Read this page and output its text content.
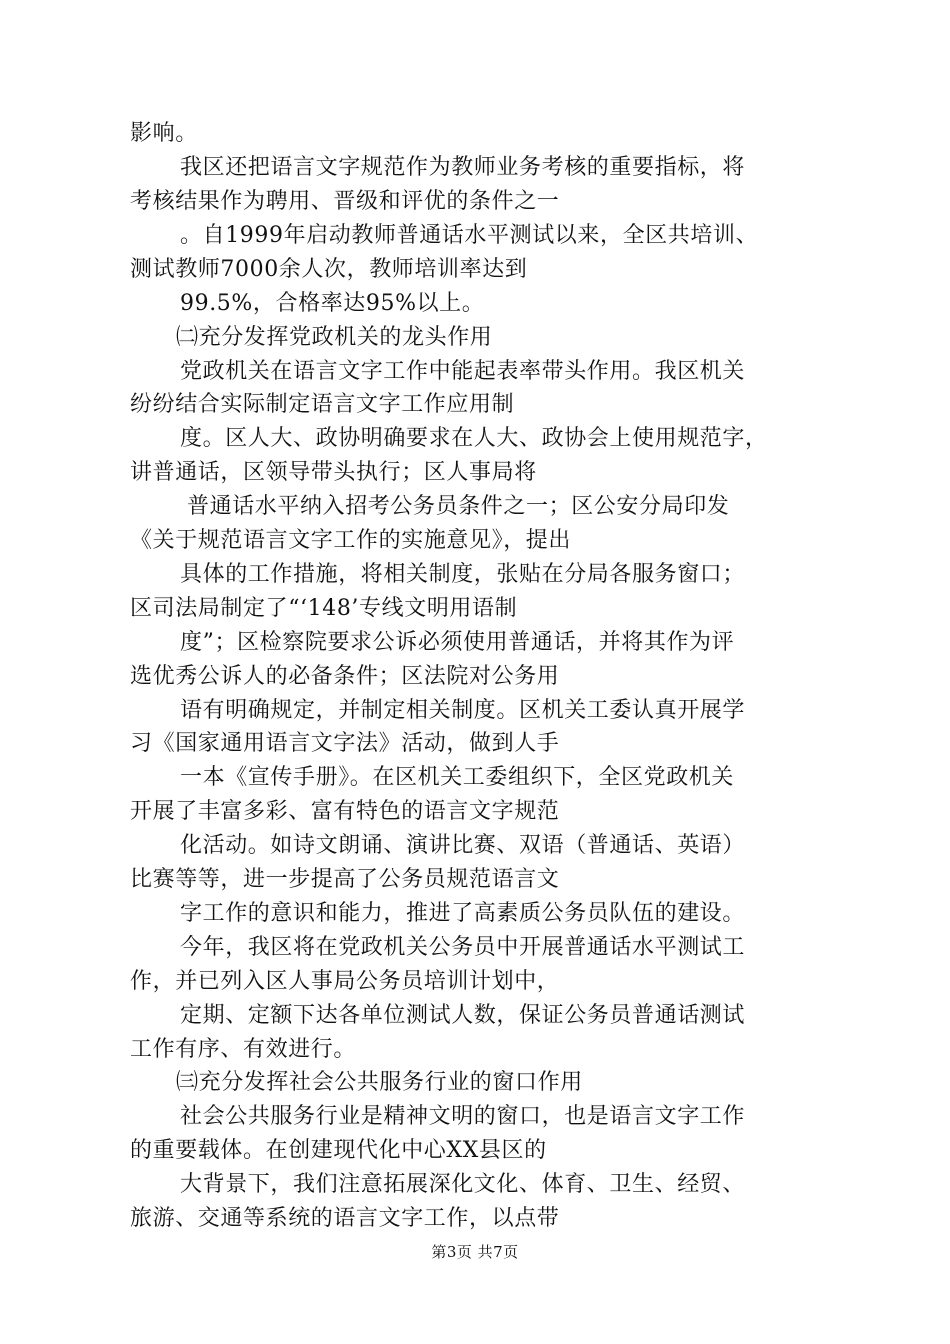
影响。
我区还把语言文字规范作为教师业务考核的重要指标，将
考核结果作为聘用、晋级和评优的条件之一
。自1999年启动教师普通话水平测试以来，全区共培训、
测试教师7000余人次，教师培训率达到
99.5%，合格率达95%以上。
㈡充分发挥党政机关的龙头作用
党政机关在语言文字工作中能起表率带头作用。我区机关
纷纷结合实际制定语言文字工作应用制
度。区人大、政协明确要求在人大、政协会上使用规范字，
讲普通话，区领导带头执行；区人事局将
普通话水平纳入招考公务员条件之一；区公安分局印发
《关于规范语言文字工作的实施意见》，提出
具体的工作措施，将相关制度，张贴在分局各服务窗口；
区司法局制定了“‘148’专线文明用语制
度”；区检察院要求公诉必须使用普通话，并将其作为评
选优秀公诉人的必备条件；区法院对公务用
语有明确规定，并制定相关制度。区机关工委认真开展学
习《国家通用语言文字法》活动，做到人手
一本《宣传手册》。在区机关工委组织下，全区党政机关
开展了丰富多彩、富有特色的语言文字规范
化活动。如诗文朗诵、演讲比赛、双语（普通话、英语）
比赛等等，进一步提高了公务员规范语言文
字工作的意识和能力，推进了高素质公务员队伍的建设。
今年，我区将在党政机关公务员中开展普通话水平测试工
作，并已列入区人事局公务员培训计划中，
定期、定额下达各单位测试人数，保证公务员普通话测试
工作有序、有效进行。
㈢充分发挥社会公共服务行业的窗口作用
社会公共服务行业是精神文明的窗口，也是语言文字工作
的重要载体。在创建现代化中心XX县区的
大背景下，我们注意拓展深化文化、体育、卫生、经贸、
旅游、交通等系统的语言文字工作，以点带
第3页 共7页
